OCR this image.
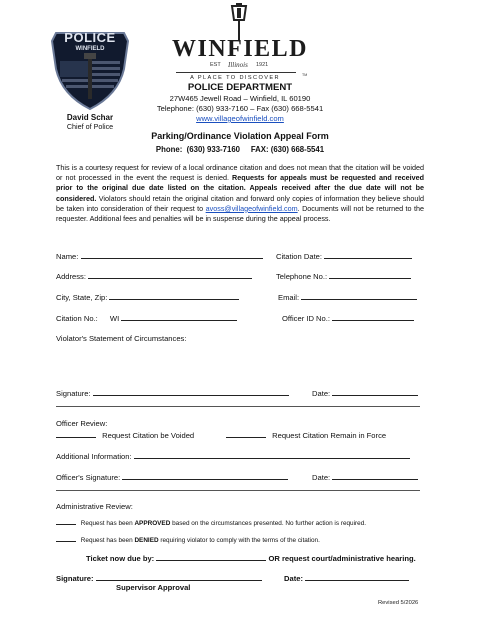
POLICE
WINFIELD
David Schar
Chief of Police
WINFIELD
EST Illinois 1921
A PLACE TO DISCOVER	TM
POLICE DEPARTMENT
27W465 Jewell Road – Winfield, IL 60190
Telephone: (630) 933-7160 – Fax (630) 668-5541
www.villageofwinfield.com
Parking/Ordinance Violation Appeal Form
Phone:  (630) 933-7160     FAX: (630) 668-5541
This is a courtesy request for review of a local ordinance citation and does not mean that the citation will be voided or not processed in the event the request is denied. Requests for appeals must be requested and received prior to the original due date listed on the citation. Appeals received after the due date will not be considered. Violators should retain the original citation and forward only copies of information they believe should be taken into consideration of their request to avoss@villageofwinfield.com. Documents will not be returned to the requester. Additional fees and penalties will be in suspense during the appeal process.
Name:	Citation Date:
Address:	Telephone No.:
City, State, Zip:	Email:
Citation No.: WI	Officer ID No.:
Violator's Statement of Circumstances:
Signature:	Date:
Officer Review:
Request Citation be Voided	Request Citation Remain in Force
Additional Information:
Officer's Signature:	Date:
Administrative Review:
Request has been APPROVED based on the circumstances presented. No further action is required.
Request has been DENIED requiring violator to comply with the terms of the citation.
Ticket now due by:	OR request court/administrative hearing.
Signature:	Date:
Supervisor Approval
Revised 5/2026
